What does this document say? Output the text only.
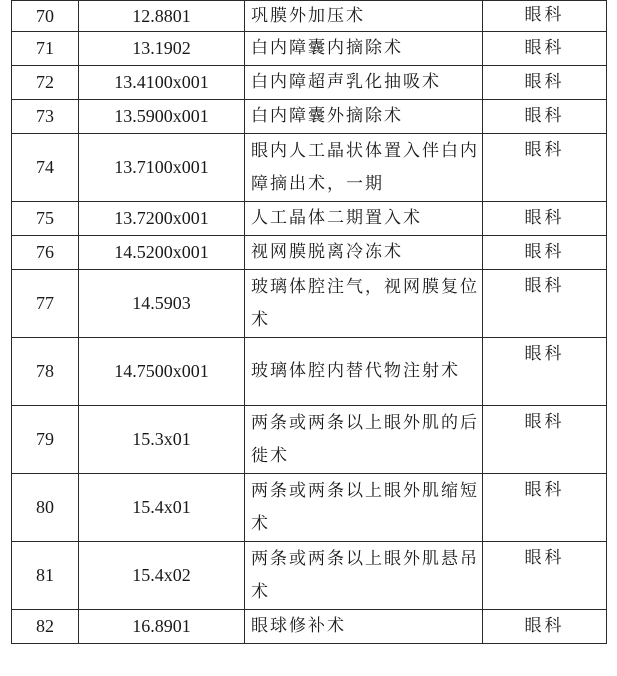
70	12.8801	巩膜外加压术	眼科
71	13.1902	白内障囊内摘除术	眼科
72	13.4100x001	白内障超声乳化抽吸术	眼科
73	13.5900x001	白内障囊外摘除术	眼科
74	13.7100x001	眼内人工晶状体置入伴白内障摘出术，一期	眼科
75	13.7200x001	人工晶体二期置入术	眼科
76	14.5200x001	视网膜脱离冷冻术	眼科
77	14.5903	玻璃体腔注气，视网膜复位术	眼科
78	14.7500x001	玻璃体腔内替代物注射术	眼科
79	15.3x01	两条或两条以上眼外肌的后徙术	眼科
80	15.4x01	两条或两条以上眼外肌缩短术	眼科
81	15.4x02	两条或两条以上眼外肌悬吊术	眼科
82	16.8901	眼球修补术	眼科
